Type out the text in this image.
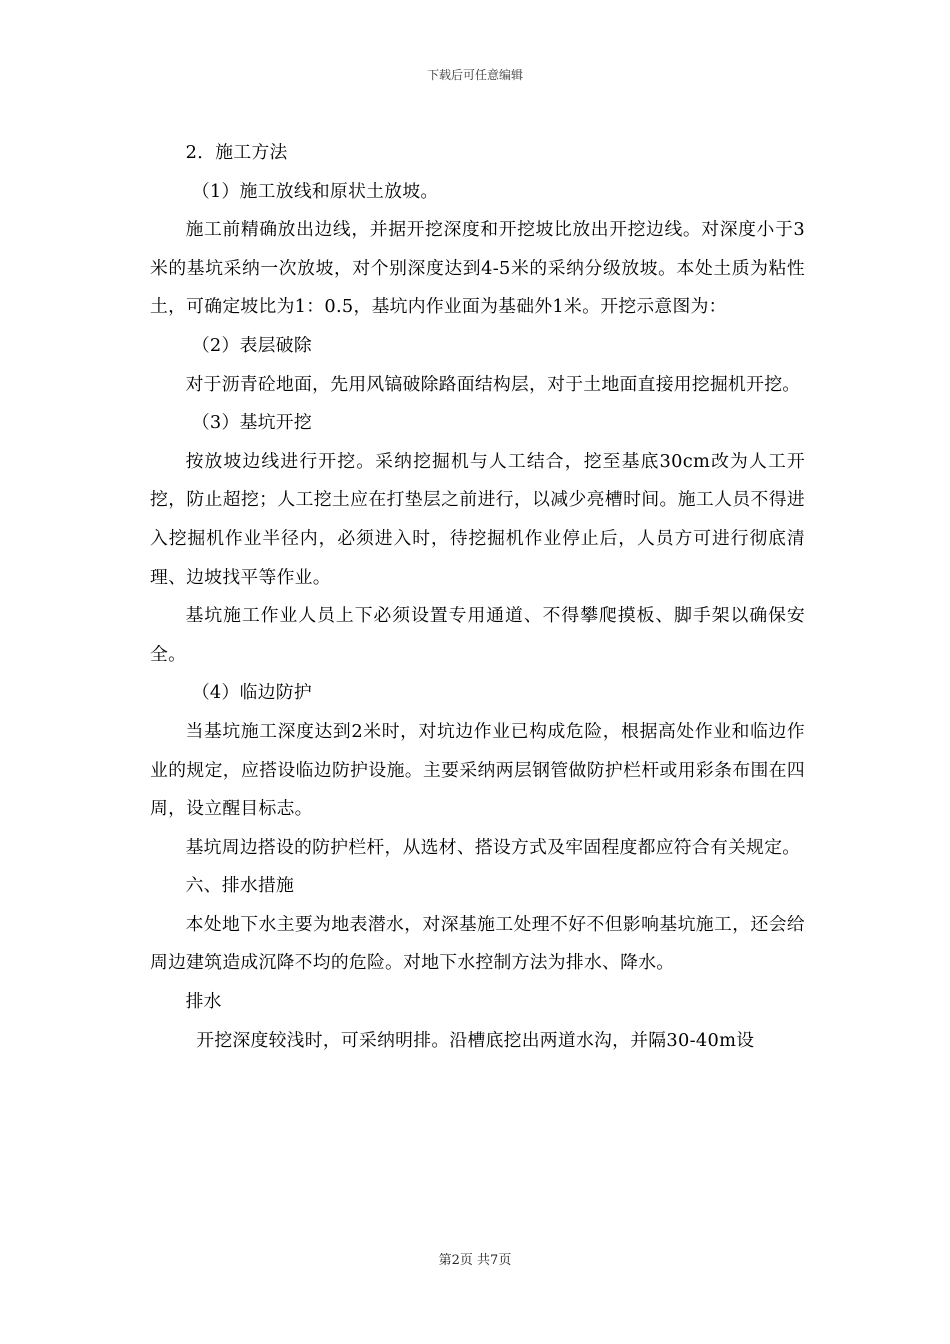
下载后可任意编辑

2．施工方法

（1）施工放线和原状土放坡。

施工前精确放出边线，并据开挖深度和开挖坡比放出开挖边线。对深度小于3米的基坑采纳一次放坡，对个别深度达到4-5米的采纳分级放坡。本处土质为粘性土，可确定坡比为1：0.5，基坑内作业面为基础外1米。开挖示意图为：

（2）表层破除

对于沥青砼地面，先用风镐破除路面结构层，对于土地面直接用挖掘机开挖。

（3）基坑开挖

按放坡边线进行开挖。采纳挖掘机与人工结合，挖至基底30cm改为人工开挖，防止超挖；人工挖土应在打垫层之前进行，以减少亮槽时间。施工人员不得进入挖掘机作业半径内，必须进入时，待挖掘机作业停止后，人员方可进行彻底清理、边坡找平等作业。

基坑施工作业人员上下必须设置专用通道、不得攀爬摸板、脚手架以确保安全。

（4）临边防护

当基坑施工深度达到2米时，对坑边作业已构成危险，根据高处作业和临边作业的规定，应搭设临边防护设施。主要采纳两层钢管做防护栏杆或用彩条布围在四周，设立醒目标志。

基坑周边搭设的防护栏杆，从选材、搭设方式及牢固程度都应符合有关规定。

六、排水措施

本处地下水主要为地表潜水，对深基施工处理不好不但影响基坑施工，还会给周边建筑造成沉降不均的危险。对地下水控制方法为排水、降水。

排水

开挖深度较浅时，可采纳明排。沿槽底挖出两道水沟，并隔30-40m设

第2页 共7页
